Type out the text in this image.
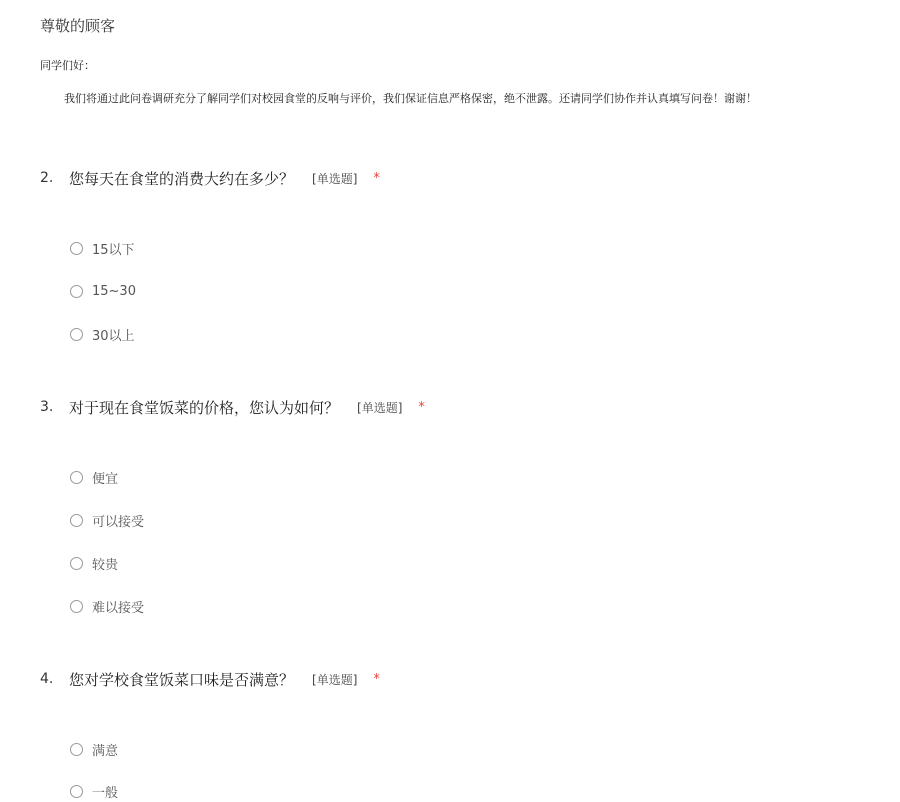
尊敬的顾客
同学们好：
我们将通过此问卷调研充分了解同学们对校园食堂的反响与评价，我们保证信息严格保密，绝不泄露。还请同学们协作并认真填写问卷！谢谢！
2.	您每天在食堂的消费大约在多少？ [单选题] *
15以下
15~30
30以上
3.	对于现在食堂饭菜的价格，您认为如何？ [单选题] *
便宜
可以接受
较贵
难以接受
4.	您对学校食堂饭菜口味是否满意？ [单选题] *
满意
一般
